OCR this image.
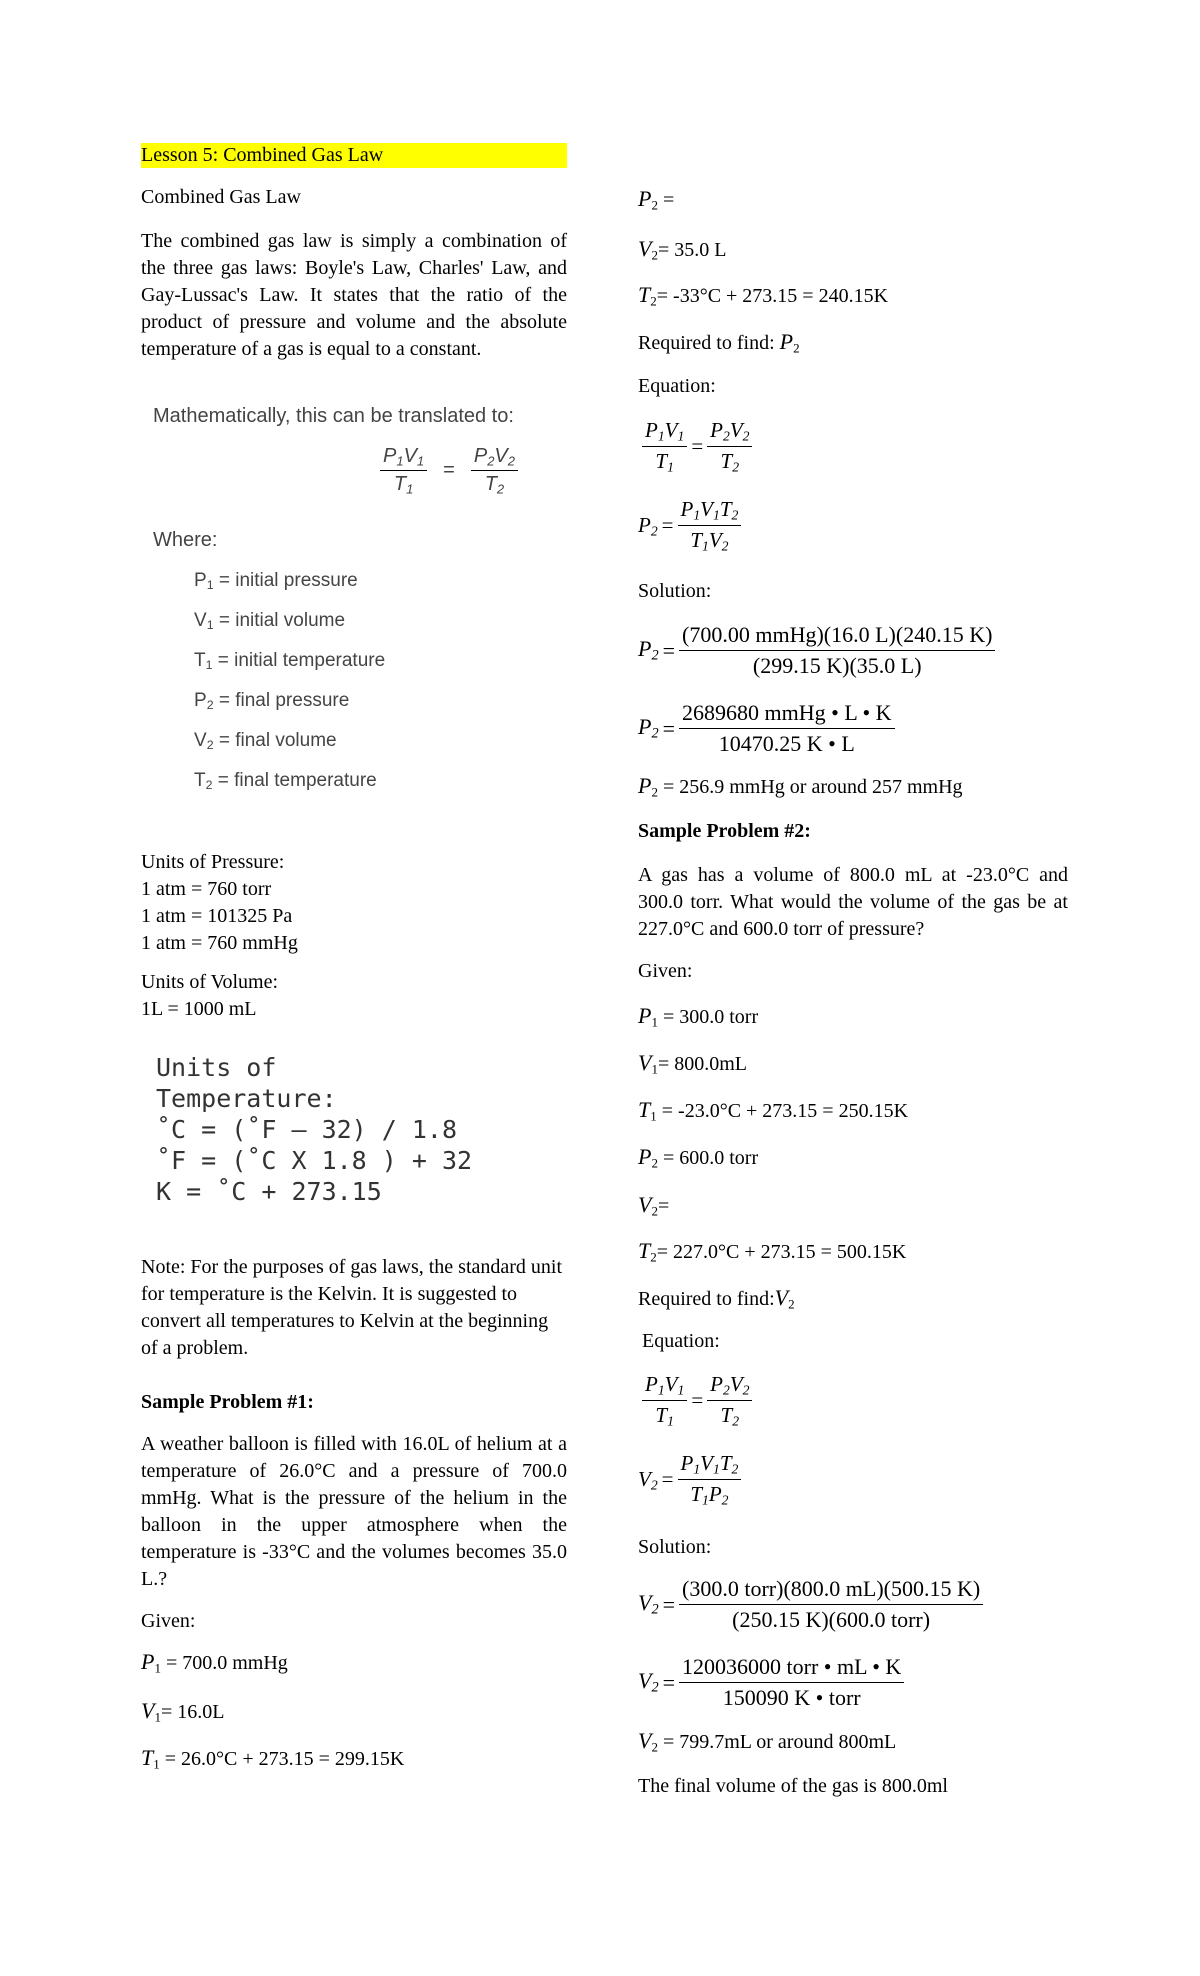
Lesson 5: Combined Gas Law
Combined Gas Law
The combined gas law is simply a combination of the three gas laws: Boyle's Law, Charles' Law, and Gay-Lussac's Law. It states that the ratio of the product of pressure and volume and the absolute temperature of a gas is equal to a constant.
Mathematically, this can be translated to:
$\frac{P_1V_1}{T_1} = \frac{P_2V_2}{T_2}$
Where:
$P_1$ = initial pressure
$V_1$ = initial volume
$T_1$ = initial temperature
$P_2$ = final pressure
$V_2$ = final volume
$T_2$ = final temperature
Units of Pressure:
1 atm = 760 torr
1 atm = 101325 Pa
1 atm = 760 mmHg
Units of Volume:
1L = 1000 mL
Units of
Temperature:
˚C = (˚F – 32) / 1.8
˚F = (˚C X 1.8 ) + 32
K = ˚C + 273.15
Note: For the purposes of gas laws, the standard unit for temperature is the Kelvin. It is suggested to convert all temperatures to Kelvin at the beginning of a problem.
Sample Problem #1:
A weather balloon is filled with 16.0L of helium at a temperature of 26.0°C and a pressure of 700.0 mmHg. What is the pressure of the helium in the balloon in the upper atmosphere when the temperature is -33°C and the volumes becomes 35.0 L.?
Given:
$P_1 = 700.0$ mmHg
$V_1= 16.0L$
$T_1 = 26.0^\circ C + 273.15 = 299.15K$
$P_2$ =
$V_2= 35.0$ L
$T_2= -33^\circ C + 273.15 = 240.15K$
Required to find: $P_2$
Equation:
$\frac{P_1V_1}{T_1} = \frac{P_2V_2}{T_2}$
$P_2 = \frac{P_1V_1T_2}{T_1V_2}$
Solution:
$P_2 = \frac{\text{(700.00 mmHg)(16.0 L)(240.15 K)}}{(299.15 K)(35.0 L)}$
$P_2 = \frac{\text{2689680 mmHg • L • K}}{10470.25 K • L}$
$P_2 = 256.9$ mmHg or around 257 mmHg
Sample Problem #2:
A gas has a volume of 800.0 mL at -23.0°C and 300.0 torr. What would the volume of the gas be at 227.0°C and 600.0 torr of pressure?
Given:
$P_1 = 300.0$ torr
$V_1= 800.0mL$
$T_1 = -23.0^\circ C + 273.15 = 250.15K$
$P_2 = 600.0$ torr
$V_2=$
$T_2= 227.0^\circ C + 273.15 = 500.15K$
Required to $find:V_2$
Equation:
$\frac{P_1V_1}{T_1} = \frac{P_2V_2}{T_2}$
$V_2 = \frac{P_1V_1T_2}{T_1P_2}$
Solution:
$V_2 = \frac{\text{(300.0 torr)(800.0 mL)(500.15 K)}}{\text{(250.15 K)(600.0 torr)}}$
$V_2 = \frac{\text{120036000 torr • mL • K}}{\text{150090 K • torr}}$
$V_2 = 799.7mL$ or around 800mL
The final volume of the gas is 800.0ml
